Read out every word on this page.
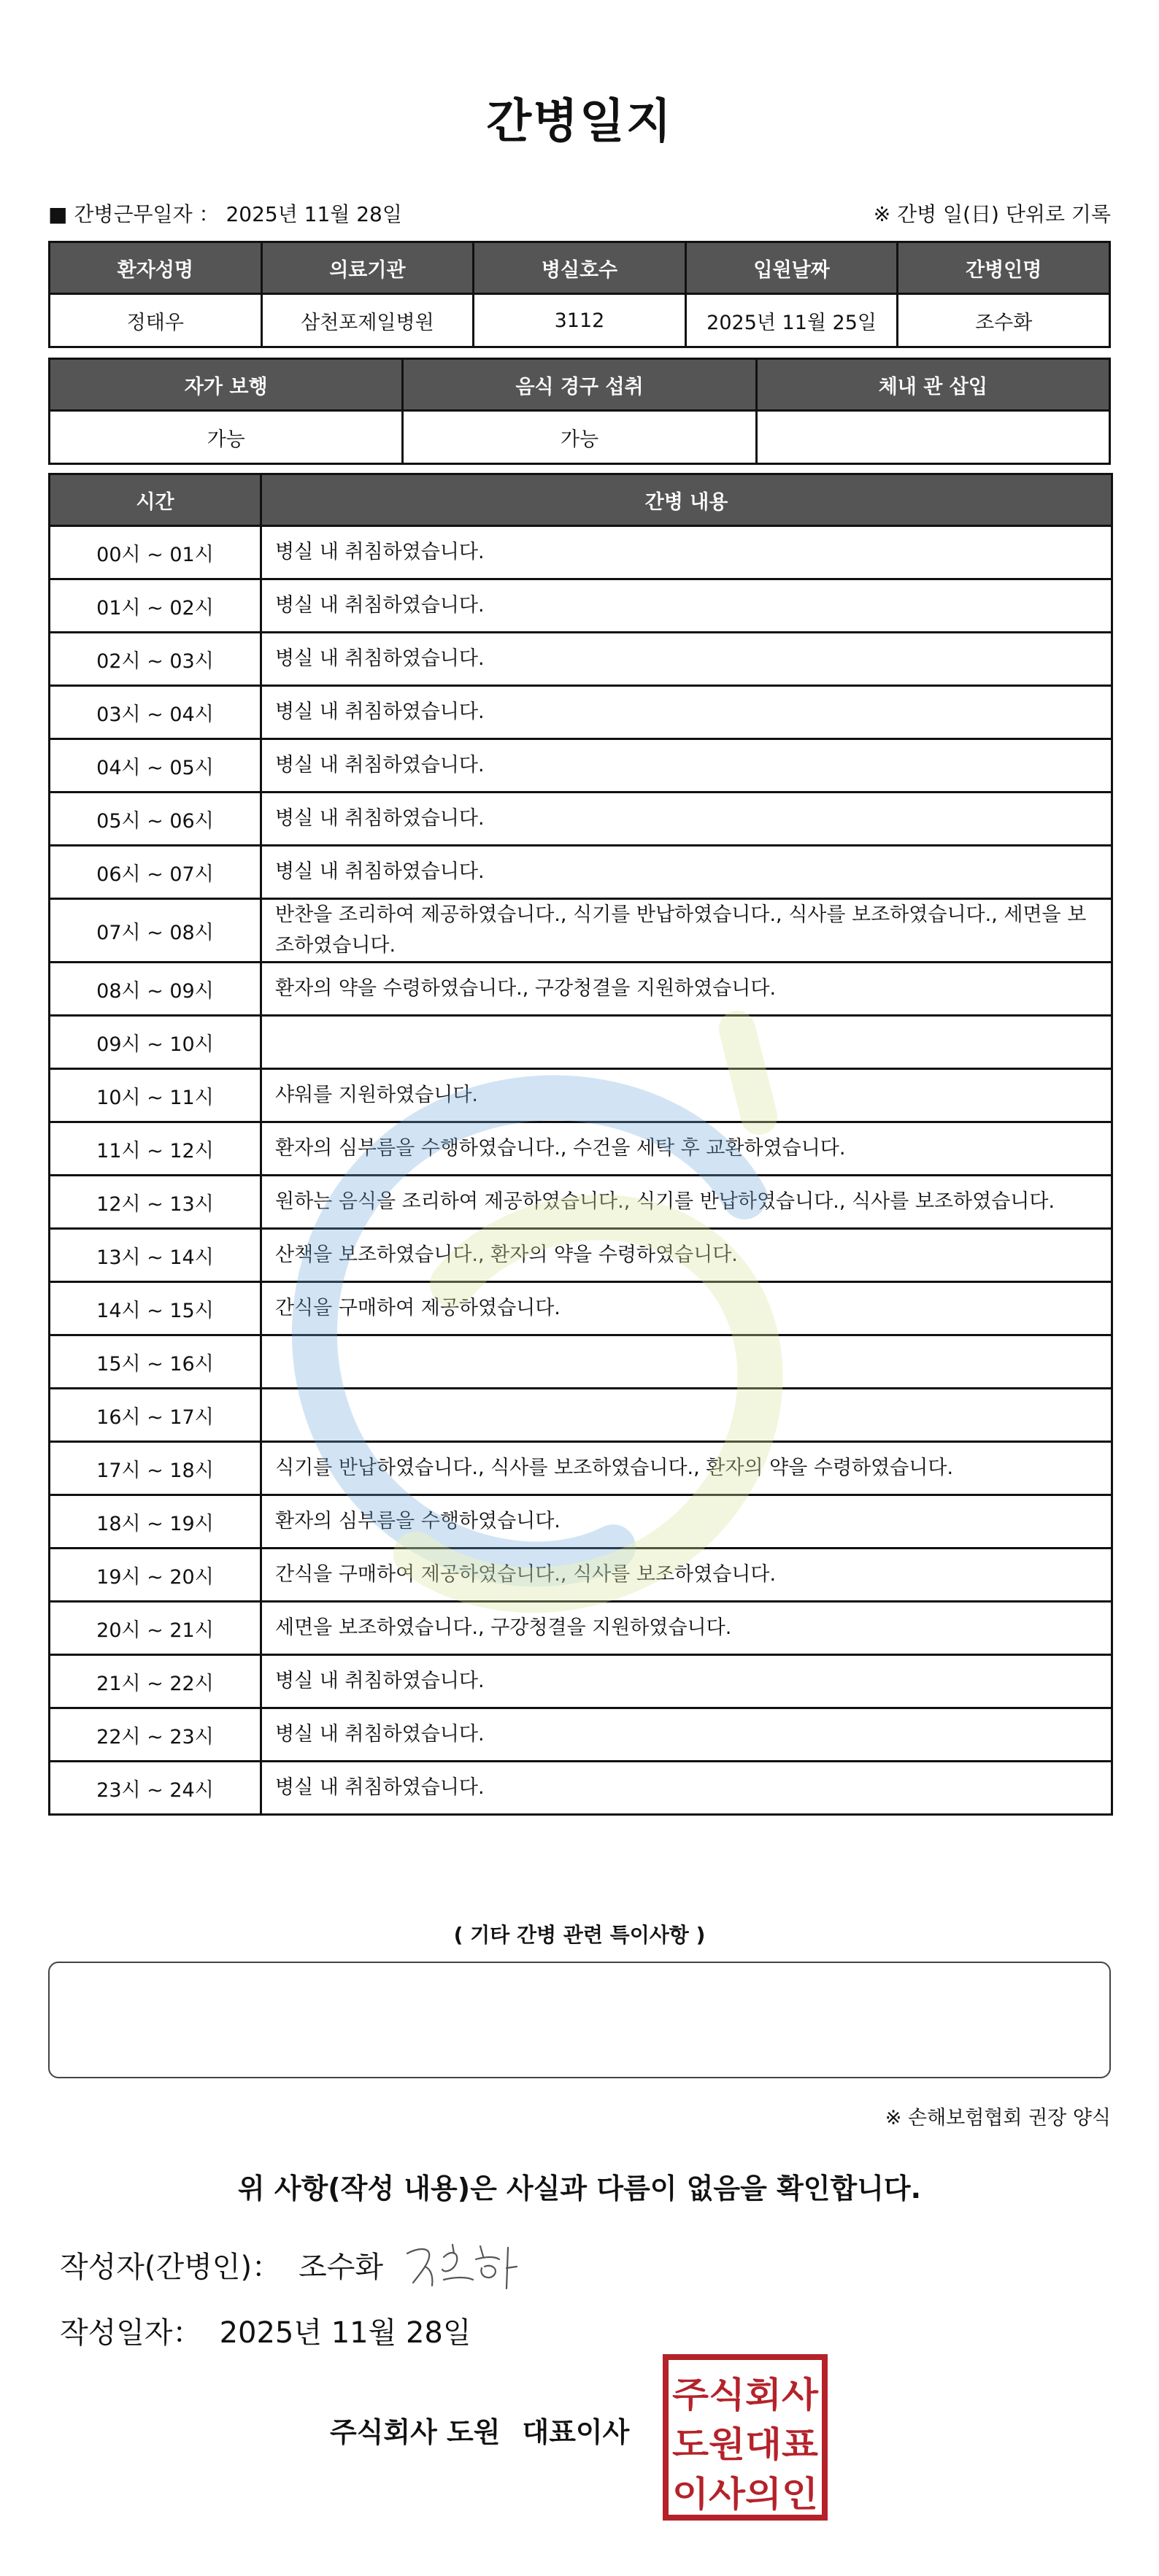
간병일지
■ 간병근무일자 ： 2025년 11월 28일	※ 간병 일(日) 단위로 기록
환자성명	의료기관	병실호수	입원날짜	간병인명
정태우	삼천포제일병원	3112	2025년 11월 25일	조수화
자가 보행	음식 경구 섭취	체내 관 삽입
가능	가능	
시간	간병 내용
00시 ~ 01시	병실 내 취침하였습니다.
01시 ~ 02시	병실 내 취침하였습니다.
02시 ~ 03시	병실 내 취침하였습니다.
03시 ~ 04시	병실 내 취침하였습니다.
04시 ~ 05시	병실 내 취침하였습니다.
05시 ~ 06시	병실 내 취침하였습니다.
06시 ~ 07시	병실 내 취침하였습니다.
07시 ~ 08시	반찬을 조리하여 제공하였습니다., 식기를 반납하였습니다., 식사를 보조하였습니다., 세면을 보조하였습니다.
08시 ~ 09시	환자의 약을 수령하였습니다., 구강청결을 지원하였습니다.
09시 ~ 10시	
10시 ~ 11시	샤워를 지원하였습니다.
11시 ~ 12시	환자의 심부름을 수행하였습니다., 수건을 세탁 후 교환하였습니다.
12시 ~ 13시	원하는 음식을 조리하여 제공하였습니다., 식기를 반납하였습니다., 식사를 보조하였습니다.
13시 ~ 14시	산책을 보조하였습니다., 환자의 약을 수령하였습니다.
14시 ~ 15시	간식을 구매하여 제공하였습니다.
15시 ~ 16시	
16시 ~ 17시	
17시 ~ 18시	식기를 반납하였습니다., 식사를 보조하였습니다., 환자의 약을 수령하였습니다.
18시 ~ 19시	환자의 심부름을 수행하였습니다.
19시 ~ 20시	간식을 구매하여 제공하였습니다., 식사를 보조하였습니다.
20시 ~ 21시	세면을 보조하였습니다., 구강청결을 지원하였습니다.
21시 ~ 22시	병실 내 취침하였습니다.
22시 ~ 23시	병실 내 취침하였습니다.
23시 ~ 24시	병실 내 취침하였습니다.
( 기타 간병 관련 특이사항 )
※ 손해보험협회 권장 양식
위 사항(작성 내용)은 사실과 다름이 없음을 확인합니다.
작성자(간병인)： 조수화
작성일자： 2025년 11월 28일
주식회사 도원 대표이사
주식회사
도원대표
이사의인
